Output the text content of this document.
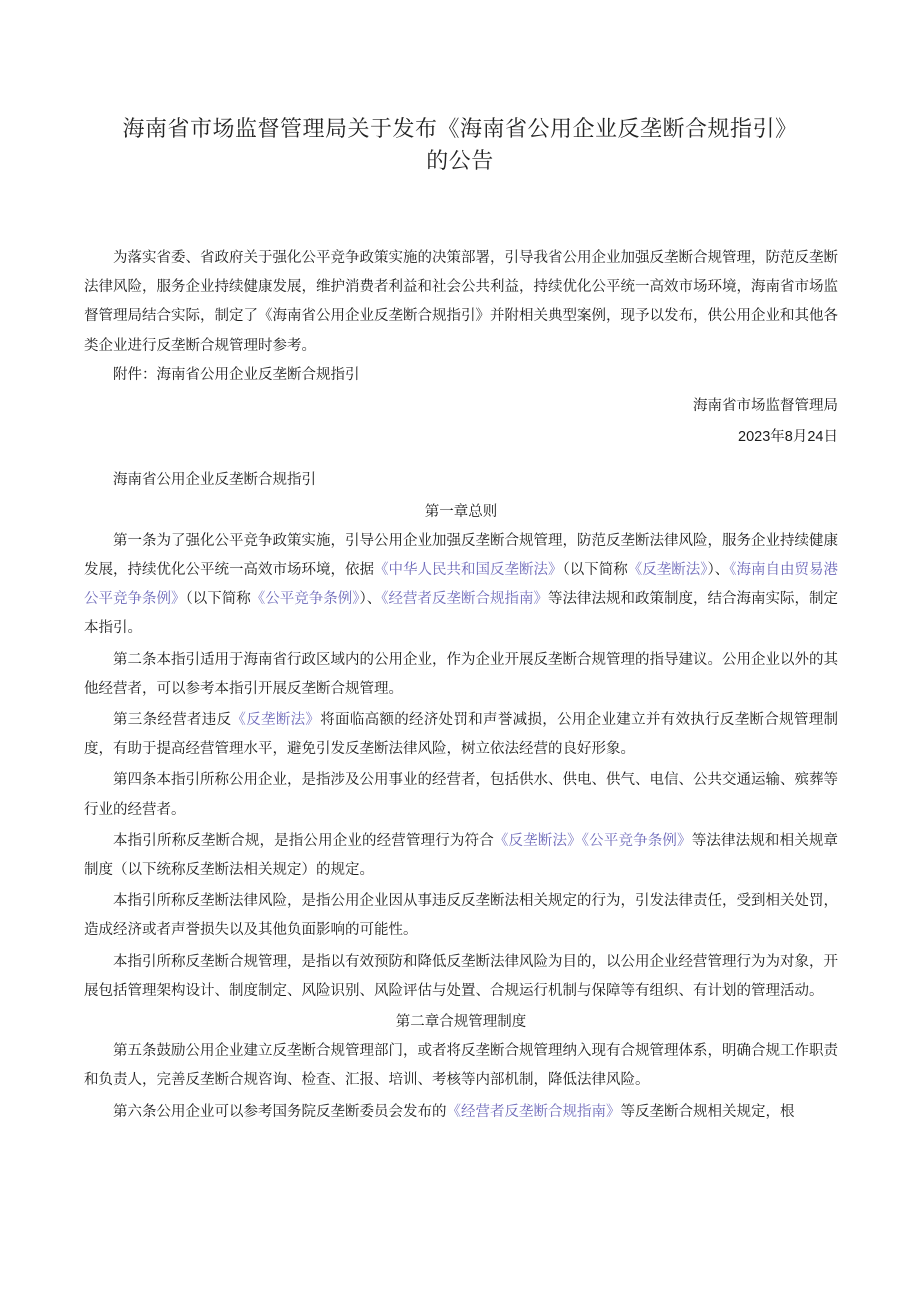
海南省市场监督管理局关于发布《海南省公用企业反垄断合规指引》
的公告

为落实省委、省政府关于强化公平竞争政策实施的决策部署，引导我省公用企业加强反垄断合规管理，防范反垄断法律风险，服务企业持续健康发展，维护消费者利益和社会公共利益，持续优化公平统一高效市场环境，海南省市场监督管理局结合实际，制定了《海南省公用企业反垄断合规指引》并附相关典型案例，现予以发布，供公用企业和其他各类企业进行反垄断合规管理时参考。

附件：海南省公用企业反垄断合规指引

海南省市场监督管理局

2023年8月24日

海南省公用企业反垄断合规指引

第一章总则

第一条为了强化公平竞争政策实施，引导公用企业加强反垄断合规管理，防范反垄断法律风险，服务企业持续健康发展，持续优化公平统一高效市场环境，依据《中华人民共和国反垄断法》（以下简称《反垄断法》）、《海南自由贸易港公平竞争条例》（以下简称《公平竞争条例》）、《经营者反垄断合规指南》等法律法规和政策制度，结合海南实际，制定本指引。

第二条本指引适用于海南省行政区域内的公用企业，作为企业开展反垄断合规管理的指导建议。公用企业以外的其他经营者，可以参考本指引开展反垄断合规管理。

第三条经营者违反《反垄断法》将面临高额的经济处罚和声誉减损，公用企业建立并有效执行反垄断合规管理制度，有助于提高经营管理水平，避免引发反垄断法律风险，树立依法经营的良好形象。

第四条本指引所称公用企业，是指涉及公用事业的经营者，包括供水、供电、供气、电信、公共交通运输、殡葬等行业的经营者。

本指引所称反垄断合规，是指公用企业的经营管理行为符合《反垄断法》《公平竞争条例》等法律法规和相关规章制度（以下统称反垄断法相关规定）的规定。

本指引所称反垄断法律风险，是指公用企业因从事违反反垄断法相关规定的行为，引发法律责任，受到相关处罚，造成经济或者声誉损失以及其他负面影响的可能性。

本指引所称反垄断合规管理，是指以有效预防和降低反垄断法律风险为目的，以公用企业经营管理行为为对象，开展包括管理架构设计、制度制定、风险识别、风险评估与处置、合规运行机制与保障等有组织、有计划的管理活动。

第二章合规管理制度

第五条鼓励公用企业建立反垄断合规管理部门，或者将反垄断合规管理纳入现有合规管理体系，明确合规工作职责和负责人，完善反垄断合规咨询、检查、汇报、培训、考核等内部机制，降低法律风险。

第六条公用企业可以参考国务院反垄断委员会发布的《经营者反垄断合规指南》等反垄断合规相关规定，根
